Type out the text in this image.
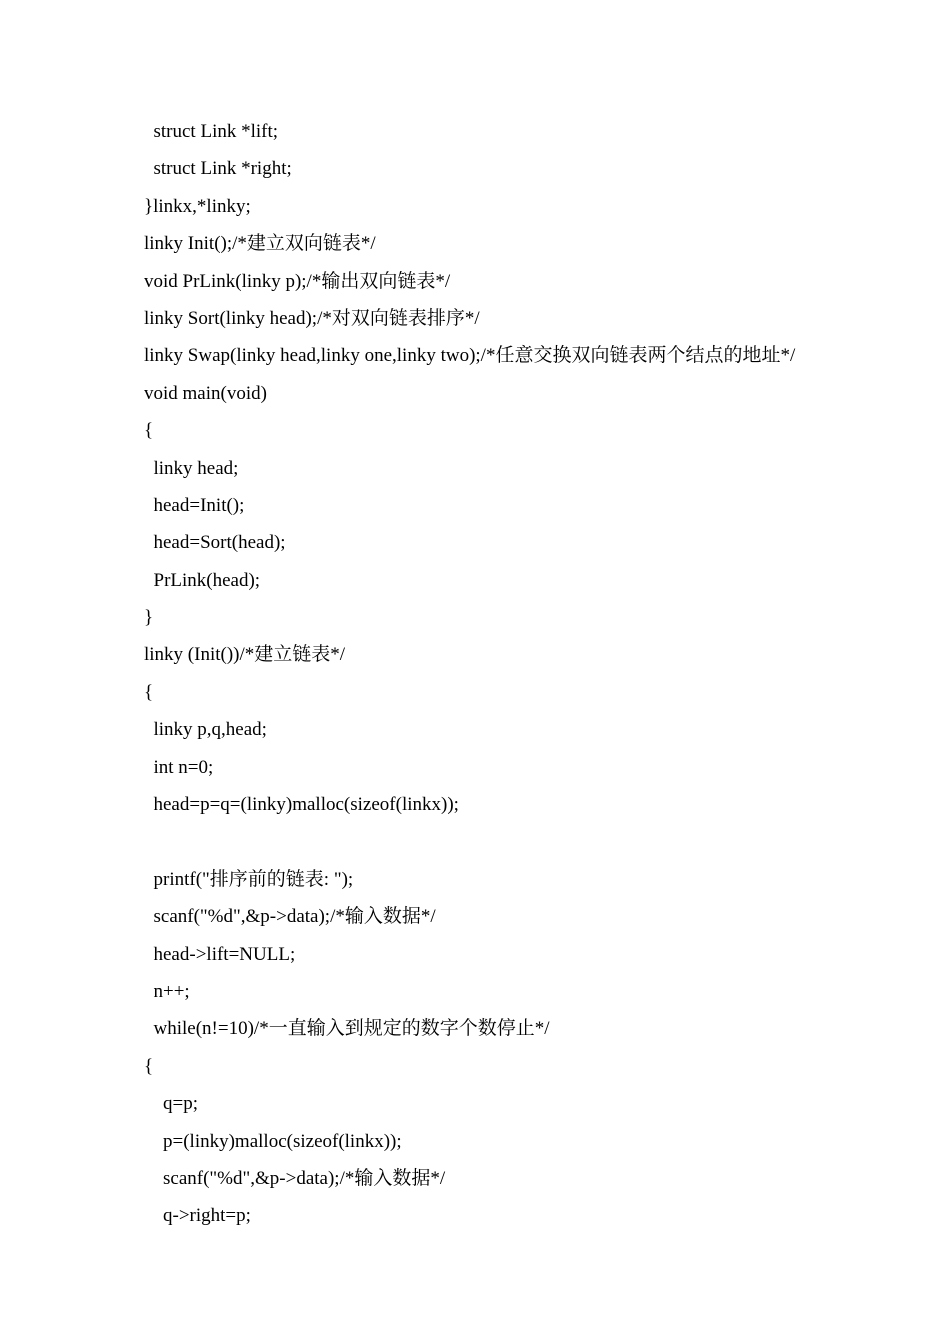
struct Link *lift;
struct Link *right;
}linkx,*linky;
linky Init();/*建立双向链表*/
void PrLink(linky p);/*输出双向链表*/
linky Sort(linky head);/*对双向链表排序*/
linky Swap(linky head,linky one,linky two);/*任意交换双向链表两个结点的地址*/
void main(void)
{
linky head;
head=Init();
head=Sort(head);
PrLink(head);
}
linky (Init())/*建立链表*/
{
linky p,q,head;
int n=0;
head=p=q=(linky)malloc(sizeof(linkx));
printf("排序前的链表: ");
scanf("%d",&p->data);/*输入数据*/
head->lift=NULL;
n++;
while(n!=10)/*一直输入到规定的数字个数停止*/
{
q=p;
p=(linky)malloc(sizeof(linkx));
scanf("%d",&p->data);/*输入数据*/
q->right=p;
